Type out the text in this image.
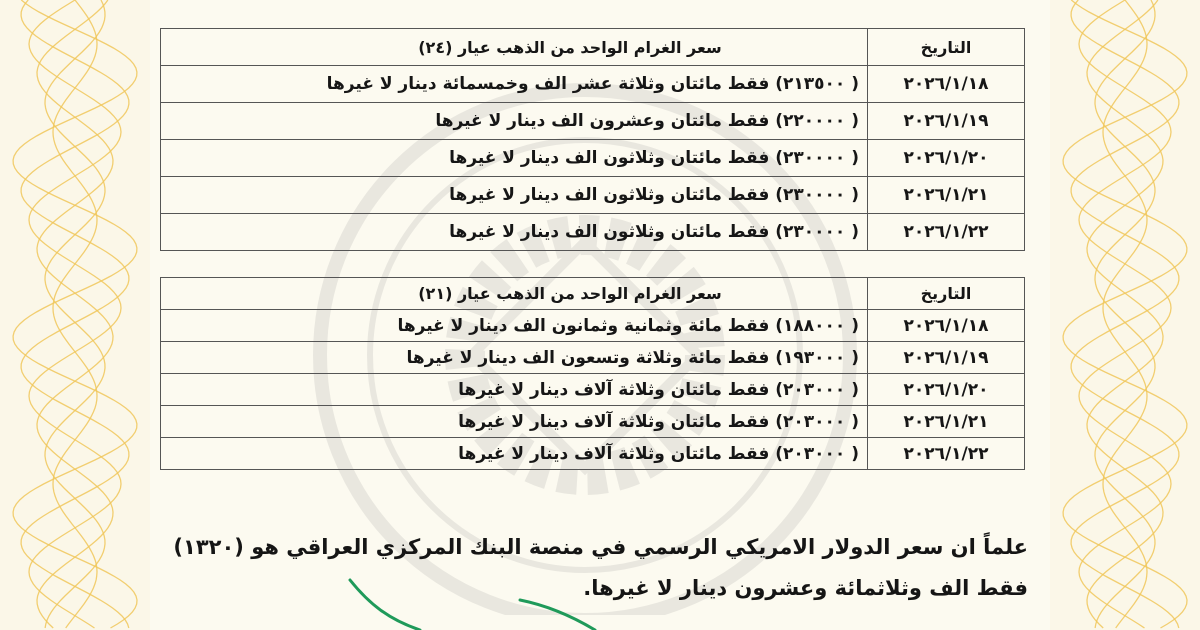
التاريخ	سعر الغرام الواحد من الذهب عيار (٢٤)
٢٠٢٦/١/١٨	( ٢١٣٥٠٠) فقط مائتان وثلاثة عشر الف وخمسمائة دينار لا غيرها
٢٠٢٦/١/١٩	( ٢٢٠٠٠٠) فقط مائتان وعشرون الف دينار لا غيرها
٢٠٢٦/١/٢٠	( ٢٣٠٠٠٠) فقط مائتان وثلاثون الف دينار لا غيرها
٢٠٢٦/١/٢١	( ٢٣٠٠٠٠) فقط مائتان وثلاثون الف دينار لا غيرها
٢٠٢٦/١/٢٢	( ٢٣٠٠٠٠) فقط مائتان وثلاثون الف دينار لا غيرها
التاريخ	سعر الغرام الواحد من الذهب عيار (٢١)
٢٠٢٦/١/١٨	( ١٨٨٠٠٠) فقط مائة وثمانية وثمانون الف دينار لا غيرها
٢٠٢٦/١/١٩	( ١٩٣٠٠٠) فقط مائة وثلاثة وتسعون الف دينار لا غيرها
٢٠٢٦/١/٢٠	( ٢٠٣٠٠٠) فقط مائتان وثلاثة آلاف دينار لا غيرها
٢٠٢٦/١/٢١	( ٢٠٣٠٠٠) فقط مائتان وثلاثة آلاف دينار لا غيرها
٢٠٢٦/١/٢٢	( ٢٠٣٠٠٠) فقط مائتان وثلاثة آلاف دينار لا غيرها
علماً ان سعر الدولار الامريكي الرسمي في منصة البنك المركزي العراقي هو (١٣٢٠)
فقط الف وثلاثمائة وعشرون دينار لا غيرها.
